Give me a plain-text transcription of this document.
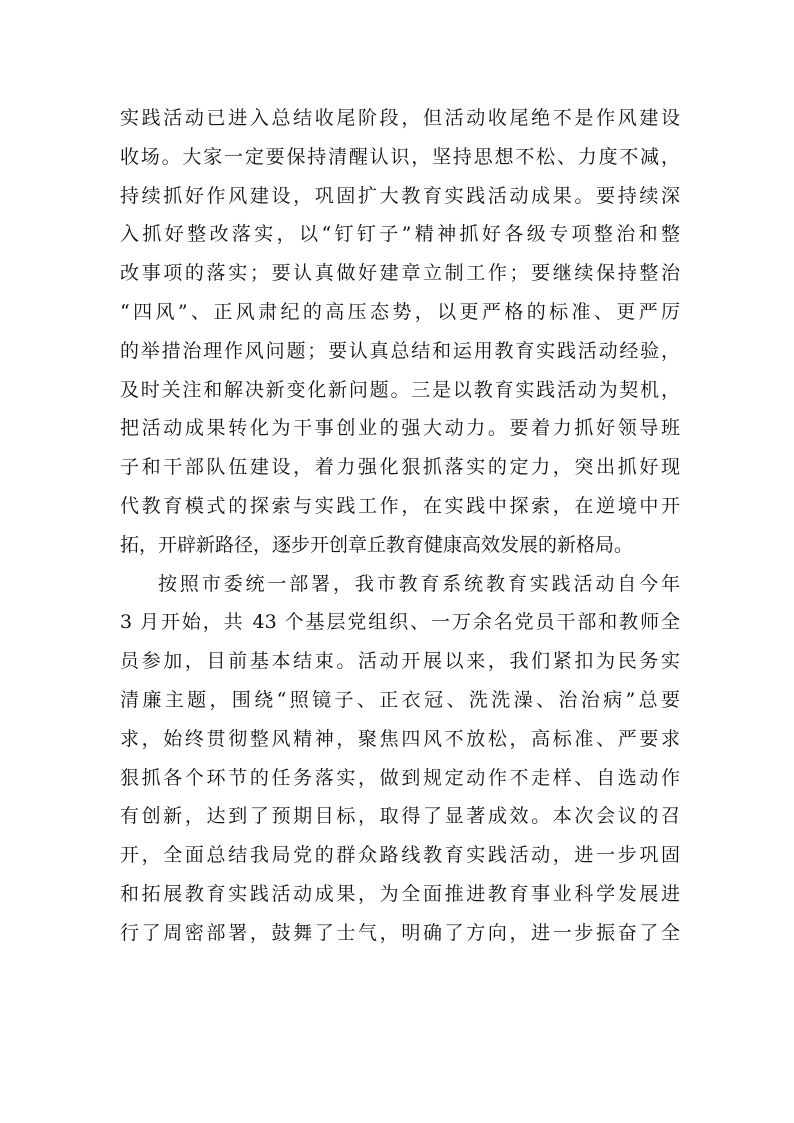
实践活动已进入总结收尾阶段，但活动收尾绝不是作风建设
收场。大家一定要保持清醒认识，坚持思想不松、力度不减，
持续抓好作风建设，巩固扩大教育实践活动成果。要持续深
入抓好整改落实，以“钉钉子”精神抓好各级专项整治和整
改事项的落实；要认真做好建章立制工作；要继续保持整治
“四风”、正风肃纪的高压态势，以更严格的标准、更严厉
的举措治理作风问题；要认真总结和运用教育实践活动经验，
及时关注和解决新变化新问题。三是以教育实践活动为契机，
把活动成果转化为干事创业的强大动力。要着力抓好领导班
子和干部队伍建设，着力强化狠抓落实的定力，突出抓好现
代教育模式的探索与实践工作，在实践中探索，在逆境中开
拓，开辟新路径，逐步开创章丘教育健康高效发展的新格局。
按照市委统一部署，我市教育系统教育实践活动自今年
3 月开始，共 43 个基层党组织、一万余名党员干部和教师全
员参加，目前基本结束。活动开展以来，我们紧扣为民务实
清廉主题，围绕“照镜子、正衣冠、洗洗澡、治治病”总要
求，始终贯彻整风精神，聚焦四风不放松，高标准、严要求
狠抓各个环节的任务落实，做到规定动作不走样、自选动作
有创新，达到了预期目标，取得了显著成效。本次会议的召
开，全面总结我局党的群众路线教育实践活动，进一步巩固
和拓展教育实践活动成果，为全面推进教育事业科学发展进
行了周密部署，鼓舞了士气，明确了方向，进一步振奋了全
